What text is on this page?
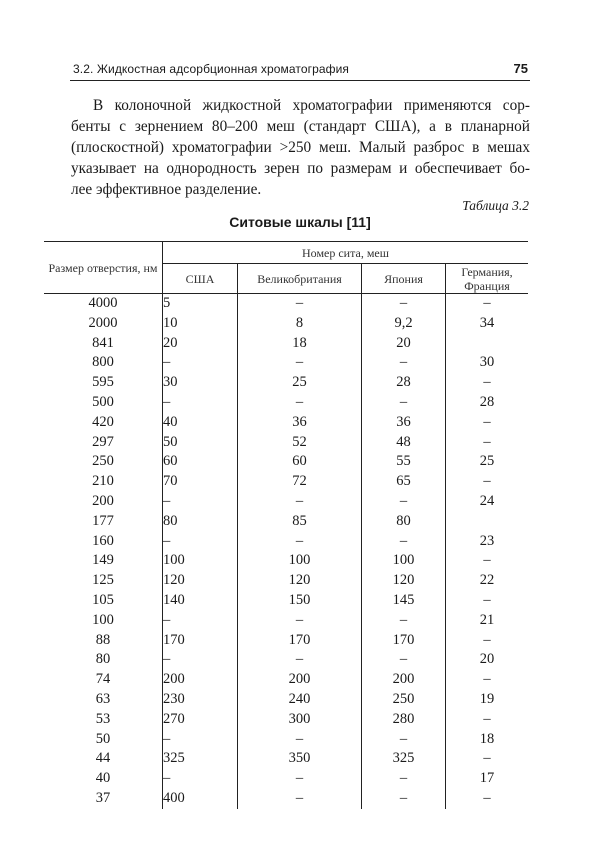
3.2. Жидкостная адсорбционная хроматография	75

В колоночной жидкостной хроматографии применяются сор-
бенты с зернением 80–200 меш (стандарт США), а в планарной
(плоскостной) хроматографии >250 меш. Малый разброс в мешах
указывает на однородность зерен по размерам и обеспечивает бо-
лее эффективное разделение.

Таблица 3.2
Ситовые шкалы [11]
Размер отверстия, нм	Номер сита, меш			
	США	Великобритания	Япония	Германия, Франция
4000	5	–	–	–
2000	10	8	9,2	34
841	20	18	20	
800	–	–	–	30
595	30	25	28	–
500	–	–	–	28
420	40	36	36	–
297	50	52	48	–
250	60	60	55	25
210	70	72	65	–
200	–	–	–	24
177	80	85	80	
160	–	–	–	23
149	100	100	100	–
125	120	120	120	22
105	140	150	145	–
100	–	–	–	21
88	170	170	170	–
80	–	–	–	20
74	200	200	200	–
63	230	240	250	19
53	270	300	280	–
50	–	–	–	18
44	325	350	325	–
40	–	–	–	17
37	400	–	–	–
